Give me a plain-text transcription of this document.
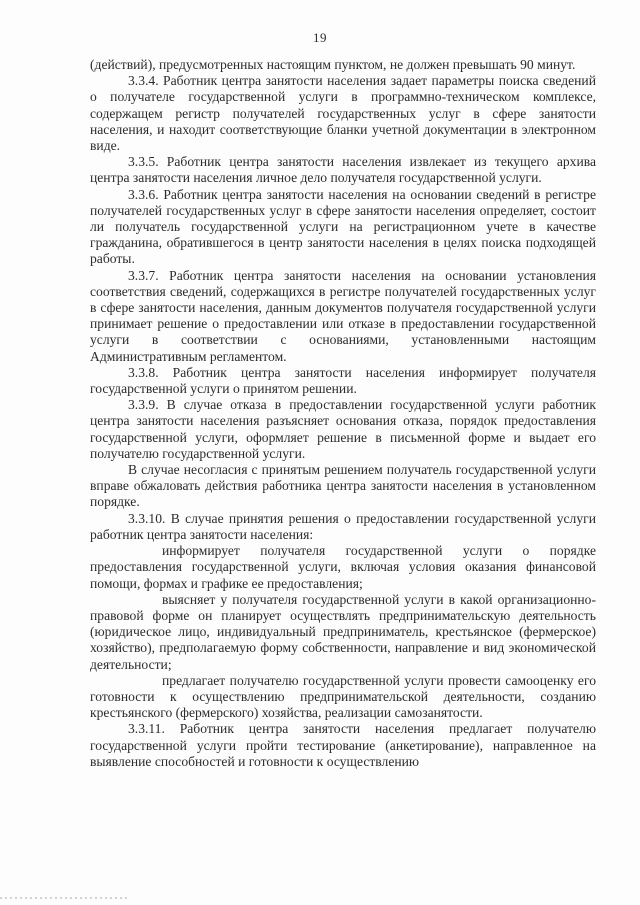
19

(действий), предусмотренных настоящим пунктом, не должен превышать 90 минут.

3.3.4. Работник центра занятости населения задает параметры поиска сведений о получателе государственной услуги в программно-техническом комплексе, содержащем регистр получателей государственных услуг в сфере занятости населения, и находит соответствующие бланки учетной документации в электронном виде.

3.3.5. Работник центра занятости населения извлекает из текущего архива центра занятости населения личное дело получателя государственной услуги.

3.3.6. Работник центра занятости населения на основании сведений в регистре получателей государственных услуг в сфере занятости населения определяет, состоит ли получатель государственной услуги на регистрационном учете в качестве гражданина, обратившегося в центр занятости населения в целях поиска подходящей работы.

3.3.7. Работник центра занятости населения на основании установления соответствия сведений, содержащихся в регистре получателей государственных услуг в сфере занятости населения, данным документов получателя государственной услуги принимает решение о предоставлении или отказе в предоставлении государственной услуги в соответствии с основаниями, установленными настоящим Административным регламентом.

3.3.8. Работник центра занятости населения информирует получателя государственной услуги о принятом решении.

3.3.9. В случае отказа в предоставлении государственной услуги работник центра занятости населения разъясняет основания отказа, порядок предоставления государственной услуги, оформляет решение в письменной форме и выдает его получателю государственной услуги.

В случае несогласия с принятым решением получатель государственной услуги вправе обжаловать действия работника центра занятости населения в установленном порядке.

3.3.10. В случае принятия решения о предоставлении государственной услуги работник центра занятости населения:

информирует получателя государственной услуги о порядке предоставления государственной услуги, включая условия оказания финансовой помощи, формах и графике ее предоставления;

выясняет у получателя государственной услуги в какой организационно-правовой форме он планирует осуществлять предпринимательскую деятельность (юридическое лицо, индивидуальный предприниматель, крестьянское (фермерское) хозяйство), предполагаемую форму собственности, направление и вид экономической деятельности;

предлагает получателю государственной услуги провести самооценку его готовности к осуществлению предпринимательской деятельности, созданию крестьянского (фермерского) хозяйства, реализации самозанятости.

3.3.11. Работник центра занятости населения предлагает получателю государственной услуги пройти тестирование (анкетирование), направленное на выявление способностей и готовности к осуществлению
